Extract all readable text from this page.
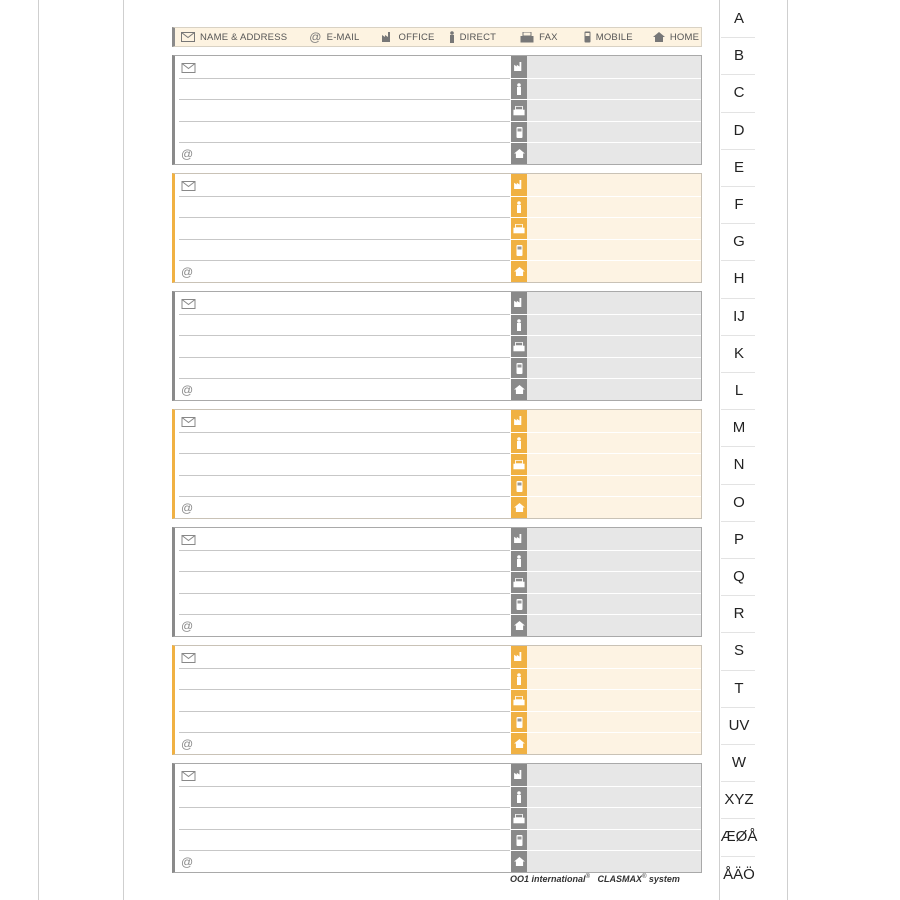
NAME & ADDRESS @ E-MAIL	OFFICE	DIRECT	FAX	MOBILE	HOME
@
@
@
@
@
@
@
A
B
C
D
E
F
G
H
IJ
K
L
M
N
O
P
Q
R
S
T
UV
W
XYZ
ÆØÅ
ÅÄÖ
OO1 international® CLASMAX® system
